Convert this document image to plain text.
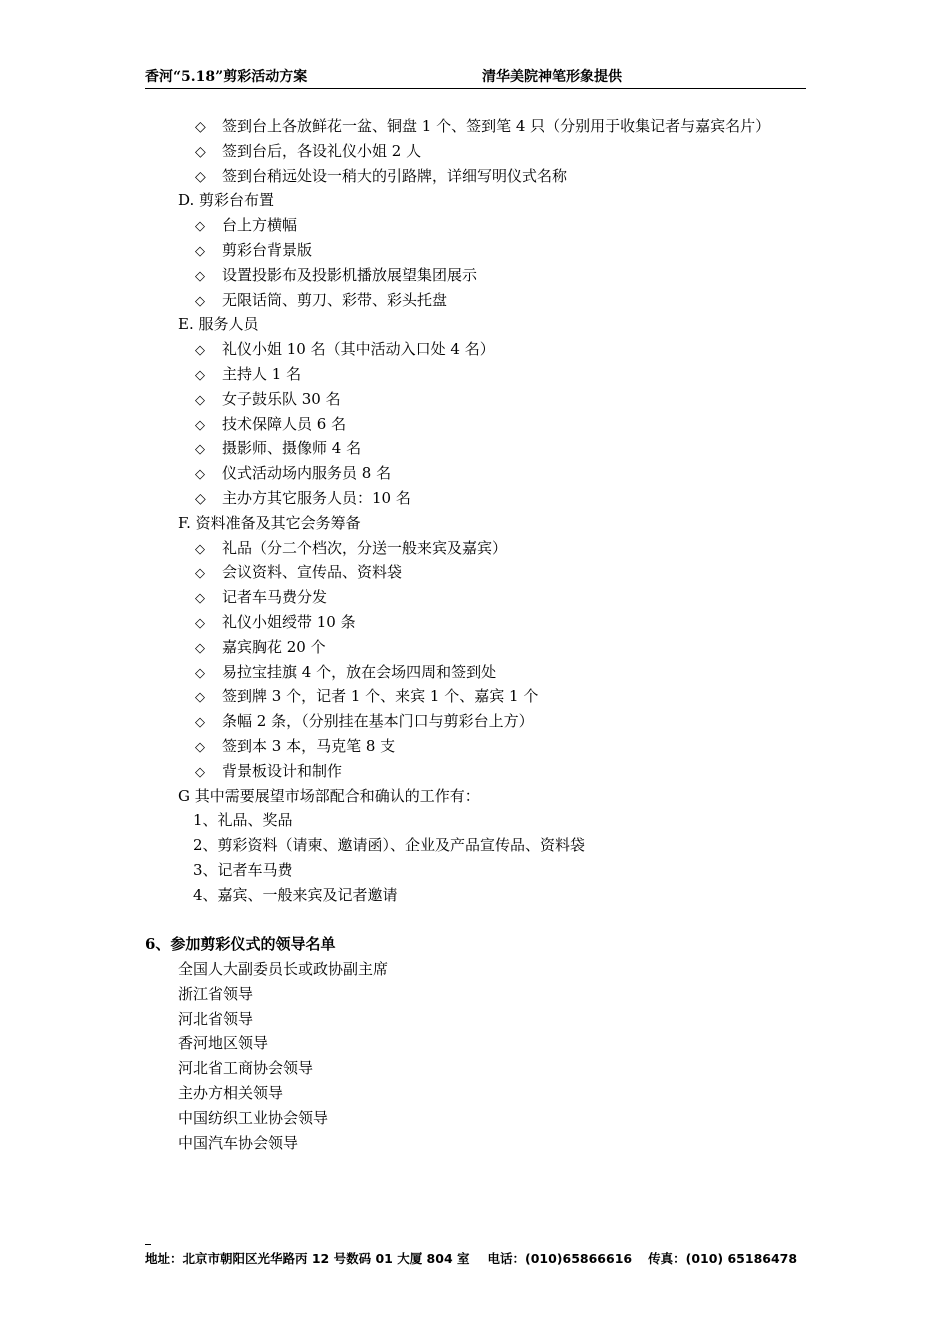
香河“5.18”剪彩活动方案	清华美院神笔形象提供
◇ 签到台上各放鲜花一盆、铜盘 1 个、签到笔 4 只（分别用于收集记者与嘉宾名片）
◇ 签到台后，各设礼仪小姐 2 人
◇ 签到台稍远处设一稍大的引路牌，详细写明仪式名称
D. 剪彩台布置
◇ 台上方横幅
◇ 剪彩台背景版
◇ 设置投影布及投影机播放展望集团展示
◇ 无限话筒、剪刀、彩带、彩头托盘
E. 服务人员
◇ 礼仪小姐 10 名（其中活动入口处 4 名）
◇ 主持人 1 名
◇ 女子鼓乐队 30 名
◇ 技术保障人员 6 名
◇ 摄影师、摄像师 4 名
◇ 仪式活动场内服务员 8 名
◇ 主办方其它服务人员：10 名
F. 资料准备及其它会务筹备
◇ 礼品（分二个档次，分送一般来宾及嘉宾）
◇ 会议资料、宣传品、资料袋
◇ 记者车马费分发
◇ 礼仪小姐绶带 10 条
◇ 嘉宾胸花 20 个
◇ 易拉宝挂旗 4 个，放在会场四周和签到处
◇ 签到牌 3 个，记者 1 个、来宾 1 个、嘉宾 1 个
◇ 条幅 2 条，（分别挂在基本门口与剪彩台上方）
◇ 签到本 3 本，马克笔 8 支
◇ 背景板设计和制作
G 其中需要展望市场部配合和确认的工作有：
1、礼品、奖品
2、剪彩资料（请柬、邀请函）、企业及产品宣传品、资料袋
3、记者车马费
4、嘉宾、一般来宾及记者邀请
6、参加剪彩仪式的领导名单
全国人大副委员长或政协副主席
浙江省领导
河北省领导
香河地区领导
河北省工商协会领导
主办方相关领导
中国纺织工业协会领导
中国汽车协会领导
地址：北京市朝阳区光华路丙 12 号数码 01 大厦 804 室 电话：(010)65866616 传真：(010) 65186478
